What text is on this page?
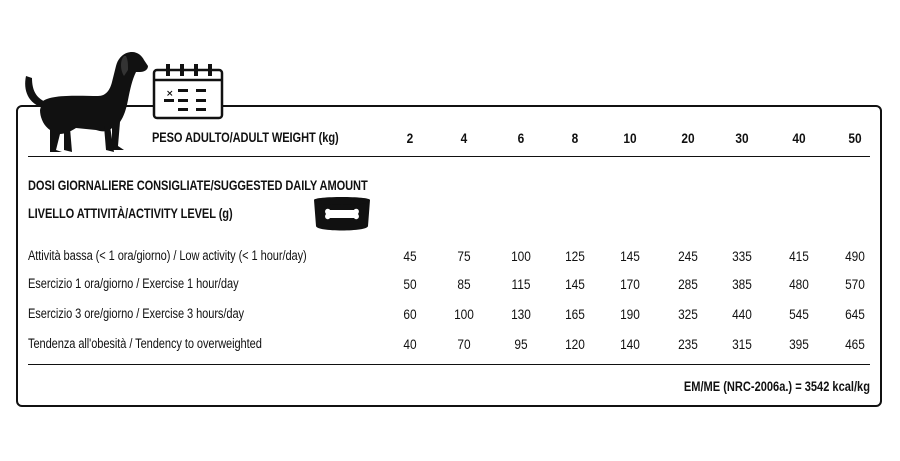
×
PESO ADULTO/ADULT WEIGHT (kg)	2	4	6	8	10	20	30	40	50
DOSI GIORNALIERE CONSIGLIATE/SUGGESTED DAILY AMOUNT
LIVELLO ATTIVITÀ/ACTIVITY LEVEL (g)
Attività bassa (< 1 ora/giorno) / Low activity (< 1 hour/day)	45	75	100	125	145	245	335	415	490
Esercizio 1 ora/giorno / Exercise 1 hour/day	50	85	115	145	170	285	385	480	570
Esercizio 3 ore/giorno / Exercise 3 hours/day	60	100	130	165	190	325	440	545	645
Tendenza all'obesità / Tendency to overweighted	40	70	95	120	140	235	315	395	465
EM/ME (NRC-2006a.) = 3542 kcal/kg
